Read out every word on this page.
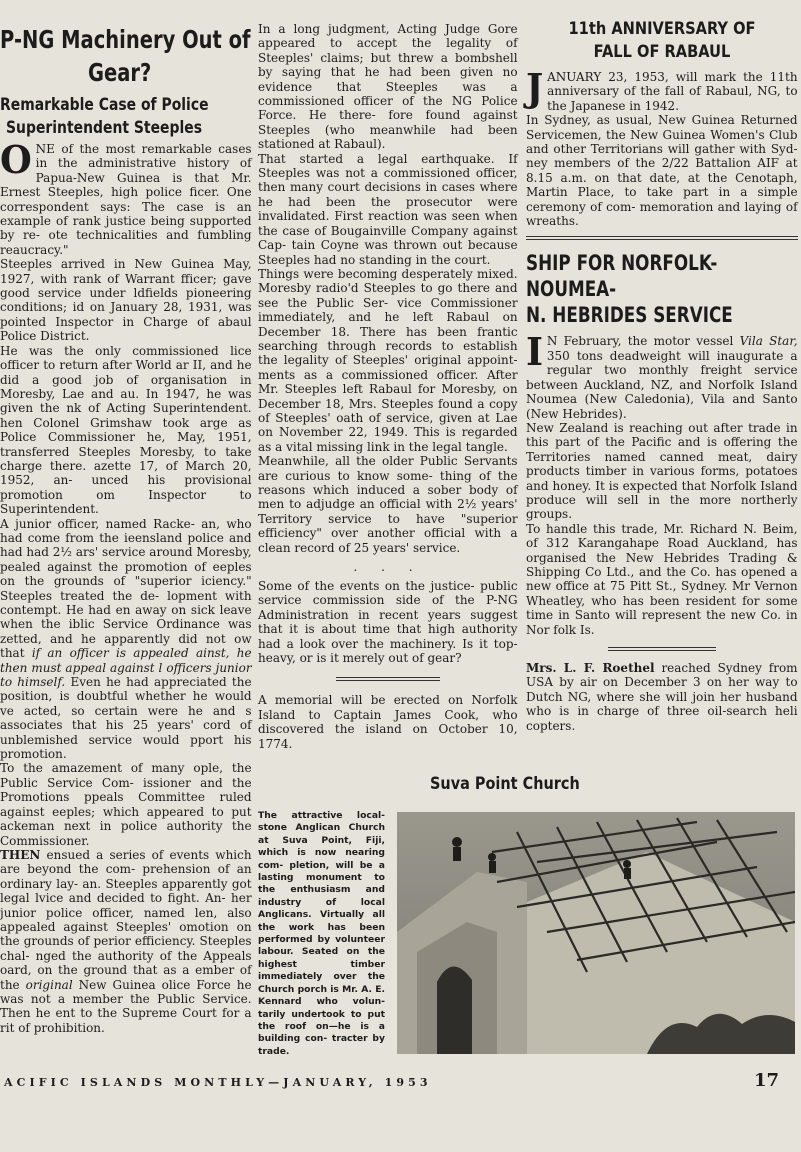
P-NG Machinery Out of
Gear?
Remarkable Case of Police
Superintendent Steeples

ONE of the most remarkable cases in the administrative history of Papua-New Guinea is that Mr. Ernest Steeples, high police ficer. One correspondent says: The case is an example of rank justice being supported by re- ote technicalities and fumbling reaucracy."

Steeples arrived in New Guinea May, 1927, with rank of Warrant fficer; gave good service under ldfields pioneering conditions; id on January 28, 1931, was pointed Inspector in Charge of abaul Police District.

He was the only commissioned lice officer to return after World ar II, and he did a good job of organisation in Moresby, Lae and au. In 1947, he was given the nk of Acting Superintendent. hen Colonel Grimshaw took arge as Police Commissioner he, May, 1951, transferred Steeples Moresby, to take charge there. azette 17, of March 20, 1952, an- unced his provisional promotion om Inspector to Superintendent.

A junior officer, named Racke- an, who had come from the ieensland police and had had 2½ ars' service around Moresby, pealed against the promotion of eeples on the grounds of "superior iciency." Steeples treated the de- lopment with contempt. He had en away on sick leave when the iblic Service Ordinance was zetted, and he apparently did not ow that if an officer is appealed ainst, he then must appeal against l officers junior to himself. Even he had appreciated the position, is doubtful whether he would ve acted, so certain were he and s associates that his 25 years' cord of unblemished service would pport his promotion.

To the amazement of many ople, the Public Service Com- issioner and the Promotions ppeals Committee ruled against eeples; which appeared to put ackeman next in police authority the Commissioner.

THEN ensued a series of events which are beyond the com- prehension of an ordinary lay- an. Steeples apparently got legal lvice and decided to fight. An- her junior police officer, named len, also appealed against Steeples' omotion on the grounds of perior efficiency. Steeples chal- nged the authority of the Appeals oard, on the ground that as a ember of the original New Guinea olice Force he was not a member the Public Service. Then he ent to the Supreme Court for a rit of prohibition.

In a long judgment, Acting Judge Gore appeared to accept the legality of Steeples' claims; but threw a bombshell by saying that he had been given no evidence that Steeples was a commissioned officer of the NG Police Force. He there- fore found against Steeples (who meanwhile had been stationed at Rabaul).

That started a legal earthquake. If Steeples was not a commissioned officer, then many court decisions in cases where he had been the prosecutor were invalidated. First reaction was seen when the case of Bougainville Company against Cap- tain Coyne was thrown out because Steeples had no standing in the court.

Things were becoming desperately mixed. Moresby radio'd Steeples to go there and see the Public Ser- vice Commissioner immediately, and he left Rabaul on December 18. There has been frantic searching through records to establish the legality of Steeples' original appoint- ments as a commissioned officer. After Mr. Steeples left Rabaul for Moresby, on December 18, Mrs. Steeples found a copy of Steeples' oath of service, given at Lae on November 22, 1949. This is regarded as a vital missing link in the legal tangle.

Meanwhile, all the older Public Servants are curious to know some- thing of the reasons which induced a sober body of men to adjudge an official with 2½ years' Territory service to have "superior efficiency" over another official with a clean record of 25 years' service.

. . .

Some of the events on the justice- public service commission side of the P-NG Administration in recent years suggest that it is about time that high authority had a look over the machinery. Is it top-heavy, or is it merely out of gear?

A memorial will be erected on Norfolk Island to Captain James Cook, who discovered the island on October 10, 1774.

11th ANNIVERSARY OF
FALL OF RABAUL

JANUARY 23, 1953, will mark the 11th anniversary of the fall of Rabaul, NG, to the Japanese in 1942.

In Sydney, as usual, New Guinea Returned Servicemen, the New Guinea Women's Club and other Territorians will gather with Syd- ney members of the 2/22 Battalion AIF at 8.15 a.m. on that date, at the Cenotaph, Martin Place, to take part in a simple ceremony of com- memoration and laying of wreaths.

SHIP FOR NORFOLK-
NOUMEA-
N. HEBRIDES SERVICE

I N February, the motor vessel Vila Star, 350 tons deadweight will inaugurate a regular two monthly freight service between Auckland, NZ, and Norfolk Island Noumea (New Caledonia), Vila and Santo (New Hebrides).

New Zealand is reaching out after trade in this part of the Pacific and is offering the Territories named canned meat, dairy products timber in various forms, potatoes and honey. It is expected that Norfolk Island produce will sell in the more northerly groups.

To handle this trade, Mr. Richard N. Beim, of 312 Karangahape Road Auckland, has organised the New Hebrides Trading & Shipping Co Ltd., and the Co. has opened a new office at 75 Pitt St., Sydney. Mr Vernon Wheatley, who has been resident for some time in Santo will represent the new Co. in Nor folk Is.

Mrs. L. F. Roethel reached Sydney from USA by air on December 3 on her way to Dutch NG, where she will join her husband who is in charge of three oil-search heli copters.

Suva Point Church
The attractive local-stone Anglican Church at Suva Point, Fiji, which is now nearing com- pletion, will be a lasting monument to the enthusiasm and industry of local Anglicans. Virtually all the work has been performed by volunteer labour. Seated on the highest timber immediately over the Church porch is Mr. A. E. Kennard who volun- tarily undertook to put the roof on—he is a building con- tracter by trade.
ACIFIC ISLANDS MONTHLY—JANUARY, 1953	17
